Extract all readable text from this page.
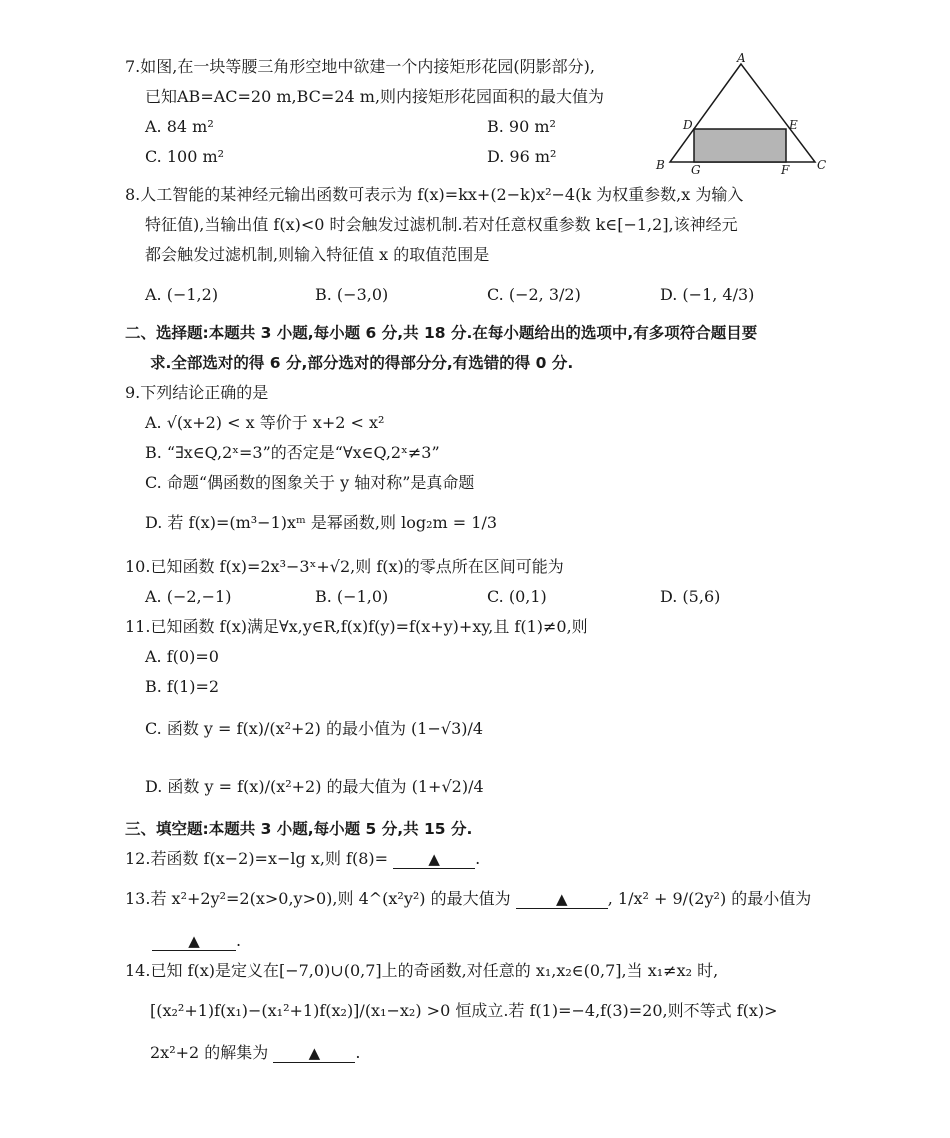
7.如图,在一块等腰三角形空地中欲建一个内接矩形花园(阴影部分),
已知AB=AC=20 m,BC=24 m,则内接矩形花园面积的最大值为
A. 84 m²	B. 90 m²
C. 100 m²	D. 96 m²
A
B	C
D	E
G	F
8.人工智能的某神经元输出函数可表示为 f(x)=kx+(2−k)x²−4(k 为权重参数,x 为输入
特征值),当输出值 f(x)<0 时会触发过滤机制.若对任意权重参数 k∈[−1,2],该神经元
都会触发过滤机制,则输入特征值 x 的取值范围是
A. (−1,2)	B. (−3,0)	C. (−2, 3/2)	D. (−1, 4/3)
二、选择题:本题共 3 小题,每小题 6 分,共 18 分.在每小题给出的选项中,有多项符合题目要
求.全部选对的得 6 分,部分选对的得部分分,有选错的得 0 分.
9.下列结论正确的是
A. √(x+2) < x 等价于 x+2 < x²
B. “∃x∈Q,2ˣ=3”的否定是“∀x∈Q,2ˣ≠3”
C. 命题“偶函数的图象关于 y 轴对称”是真命题
D. 若 f(x)=(m³−1)xᵐ 是幂函数,则 log₂m = 1/3
10.已知函数 f(x)=2x³−3ˣ+√2,则 f(x)的零点所在区间可能为
A. (−2,−1)	B. (−1,0)	C. (0,1)	D. (5,6)
11.已知函数 f(x)满足∀x,y∈R,f(x)f(y)=f(x+y)+xy,且 f(1)≠0,则
A. f(0)=0
B. f(1)=2
C. 函数 y = f(x)/(x²+2) 的最小值为 (1−√3)/4
D. 函数 y = f(x)/(x²+2) 的最大值为 (1+√2)/4
三、填空题:本题共 3 小题,每小题 5 分,共 15 分.
12.若函数 f(x−2)=x−lg x,则 f(8)=	▲ .
13.若 x²+2y²=2(x>0,y>0),则 4^(x²y²) 的最大值为	▲	, 1/x² + 9/(2y²) 的最小值为
▲ .
14.已知 f(x)是定义在[−7,0)∪(0,7]上的奇函数,对任意的 x₁,x₂∈(0,7],当 x₁≠x₂ 时,
[(x₂²+1)f(x₁)−(x₁²+1)f(x₂)]/(x₁−x₂) >0 恒成立.若 f(1)=−4,f(3)=20,则不等式 f(x)>
2x²+2 的解集为	▲ .
